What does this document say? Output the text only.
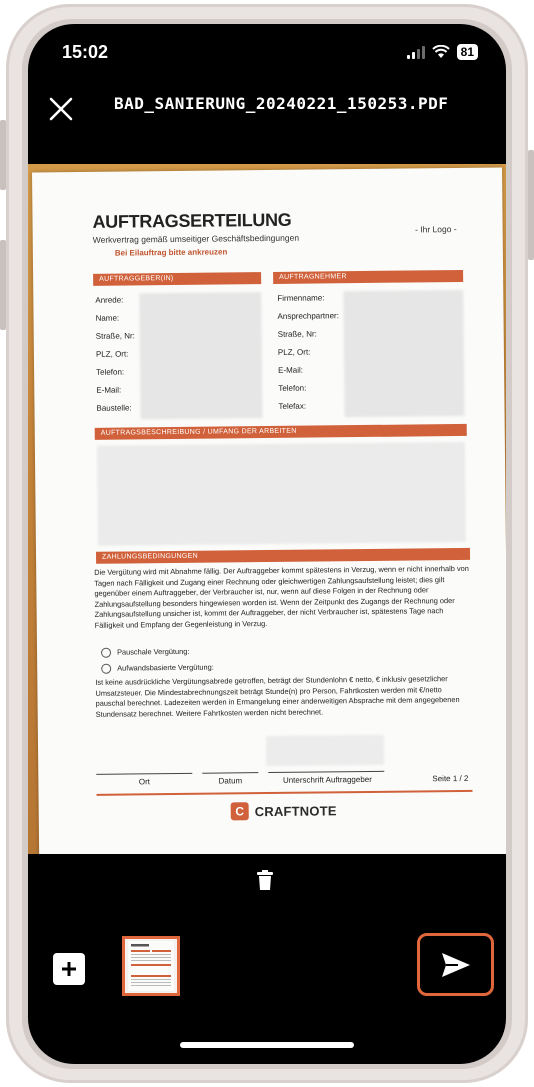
15:02	81
BAD_SANIERUNG_20240221_150253.PDF
AUFTRAGSERTEILUNG
Werkvertrag gemäß umseitiger Geschäftsbedingungen
- Ihr Logo -
Bei Eilauftrag bitte ankreuzen
AUFTRAGGEBER(IN)	AUFTRAGNEHMER
Anrede:
Name:
Straße, Nr:
PLZ, Ort:
Telefon:
E-Mail:
Baustelle:
Firmenname:
Ansprechpartner:
Straße, Nr:
PLZ, Ort:
E-Mail:
Telefon:
Telefax:
AUFTRAGSBESCHREIBUNG / UMFANG DER ARBEITEN
ZAHLUNGSBEDINGUNGEN
Die Vergütung wird mit Abnahme fällig. Der Auftraggeber kommt spätestens in Verzug, wenn er nicht innerhalb von Tagen nach Fälligkeit und Zugang einer Rechnung oder gleichwertigen Zahlungsaufstellung leistet; dies gilt gegenüber einem Auftraggeber, der Verbraucher ist, nur, wenn auf diese Folgen in der Rechnung oder Zahlungsaufstellung besonders hingewiesen worden ist. Wenn der Zeitpunkt des Zugangs der Rechnung oder Zahlungsaufstellung unsicher ist, kommt der Auftraggeber, der nicht Verbraucher ist, spätestens Tage nach Fälligkeit und Empfang der Gegenleistung in Verzug.
Pauschale Vergütung:
Aufwandsbasierte Vergütung:
Ist keine ausdrückliche Vergütungsabrede getroffen, beträgt der Stundenlohn € netto, € inklusiv gesetzlicher Umsatzsteuer. Die Mindestabrechnungszeit beträgt Stunde(n) pro Person, Fahrtkosten werden mit €/netto pauschal berechnet. Ladezeiten werden in Ermangelung einer anderweitigen Absprache mit dem angegebenen Stundensatz berechnet. Weitere Fahrtkosten werden nicht berechnet.
Ort	Datum	Unterschrift Auftraggeber	Seite 1 / 2
C CRAFTNOTE
